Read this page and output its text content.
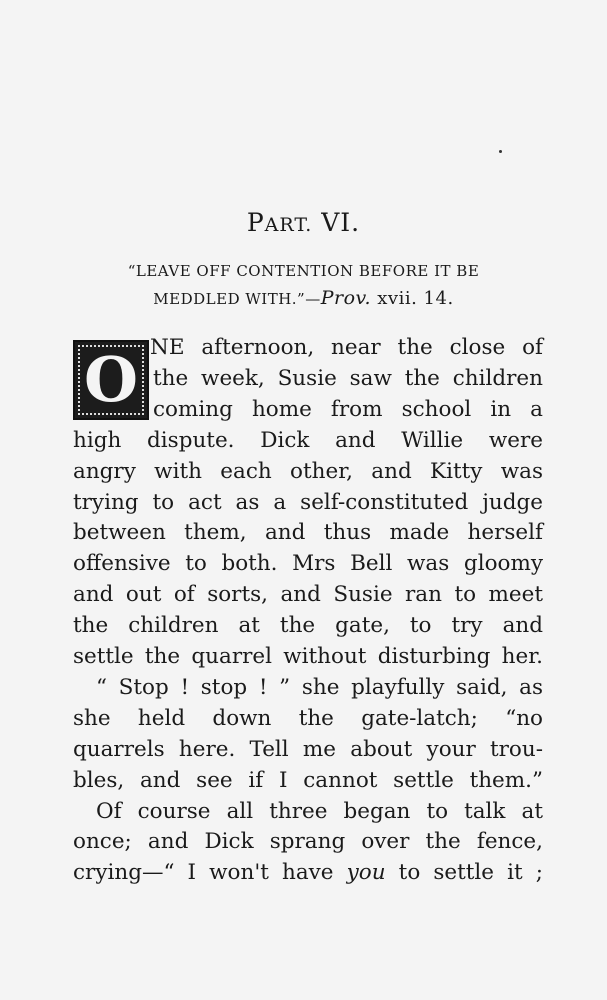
PART. VI.
“LEAVE OFF CONTENTION BEFORE IT BE
MEDDLED WITH.”—Prov. xvii. 14.
O NE afternoon, near the close of
the week, Susie saw the children
coming home from school in a
high dispute. Dick and Willie were
angry with each other, and Kitty was
trying to act as a self-constituted judge
between them, and thus made herself
offensive to both. Mrs Bell was gloomy
and out of sorts, and Susie ran to meet
the children at the gate, to try and
settle the quarrel without disturbing her.
“ Stop ! stop ! ” she playfully said, as
she held down the gate-latch; “no
quarrels here. Tell me about your trou-
bles, and see if I cannot settle them.”
Of course all three began to talk at
once; and Dick sprang over the fence,
crying—“ I won't have you to settle it ;
